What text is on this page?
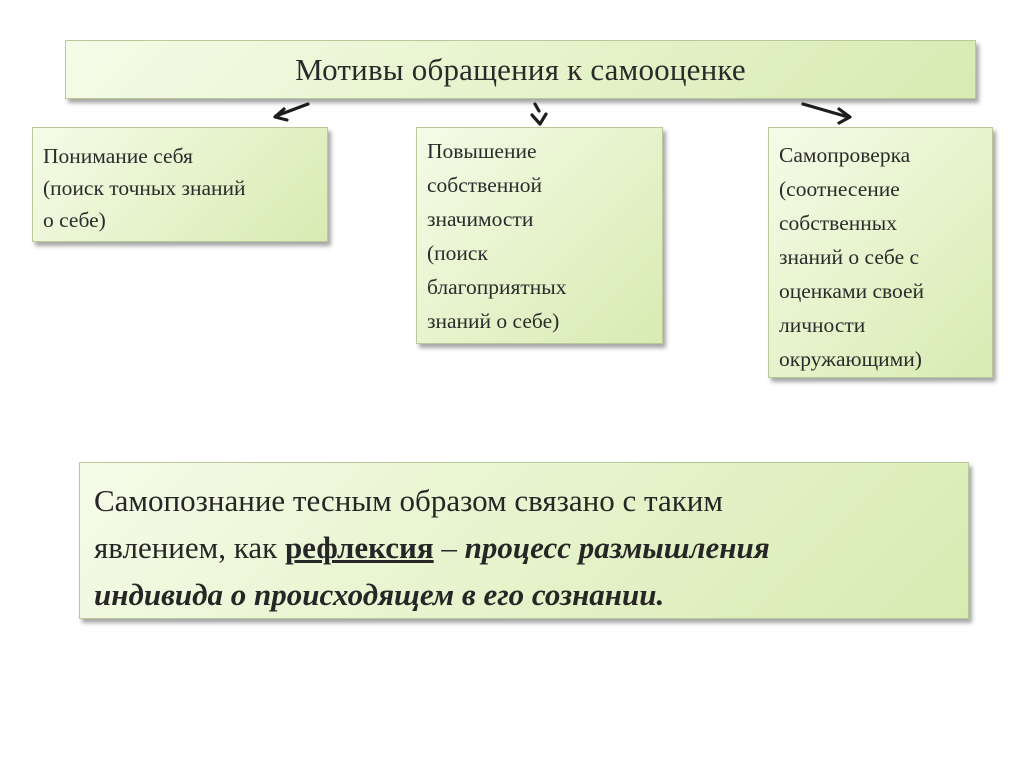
Мотивы обращения к самооценке
Понимание себя
(поиск точных знаний
о себе)
Повышение
собственной
значимости
(поиск
благоприятных
знаний о себе)
Самопроверка
(соотнесение
собственных
знаний о себе с
оценками своей
личности
окружающими)
Самопознание тесным образом связано с таким
явлением, как рефлексия – процесс размышления
индивида о происходящем в его сознании.
